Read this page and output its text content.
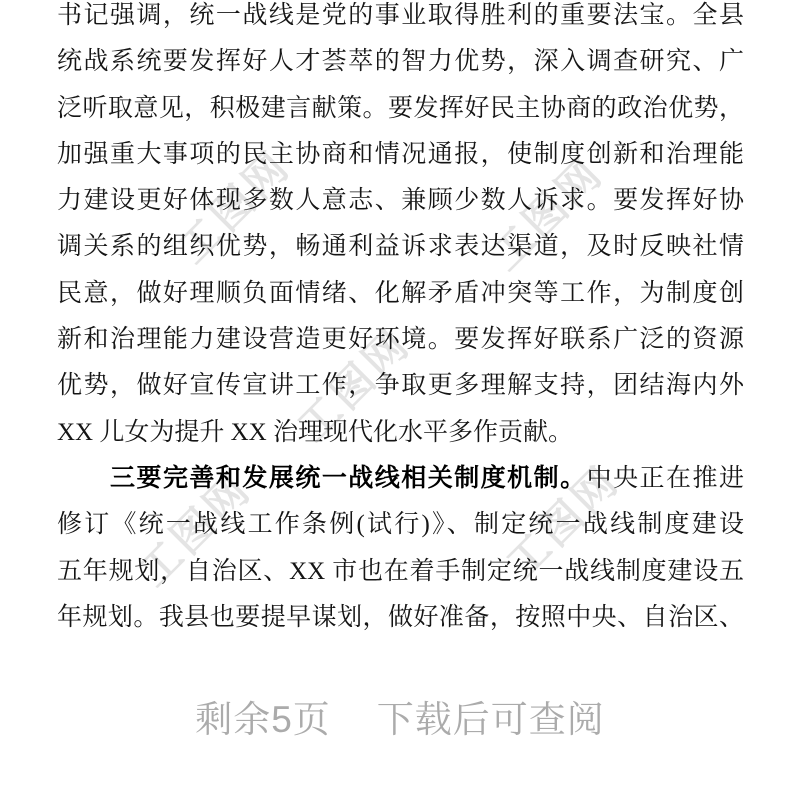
工图网	工图网
工图网
工图网
工图网
书记强调，统一战线是党的事业取得胜利的重要法宝。全县
统战系统要发挥好人才荟萃的智力优势，深入调查研究、广
泛听取意见，积极建言献策。要发挥好民主协商的政治优势，
加强重大事项的民主协商和情况通报，使制度创新和治理能
力建设更好体现多数人意志、兼顾少数人诉求。要发挥好协
调关系的组织优势，畅通利益诉求表达渠道，及时反映社情
民意，做好理顺负面情绪、化解矛盾冲突等工作，为制度创
新和治理能力建设营造更好环境。要发挥好联系广泛的资源
优势，做好宣传宣讲工作，争取更多理解支持，团结海内外
XX 儿女为提升 XX 治理现代化水平多作贡献。
三要完善和发展统一战线相关制度机制。中央正在推进
修订《统一战线工作条例(试行)》、制定统一战线制度建设
五年规划，自治区、XX 市也在着手制定统一战线制度建设五
年规划。我县也要提早谋划，做好准备，按照中央、自治区、
剩余5页 下载后可查阅
